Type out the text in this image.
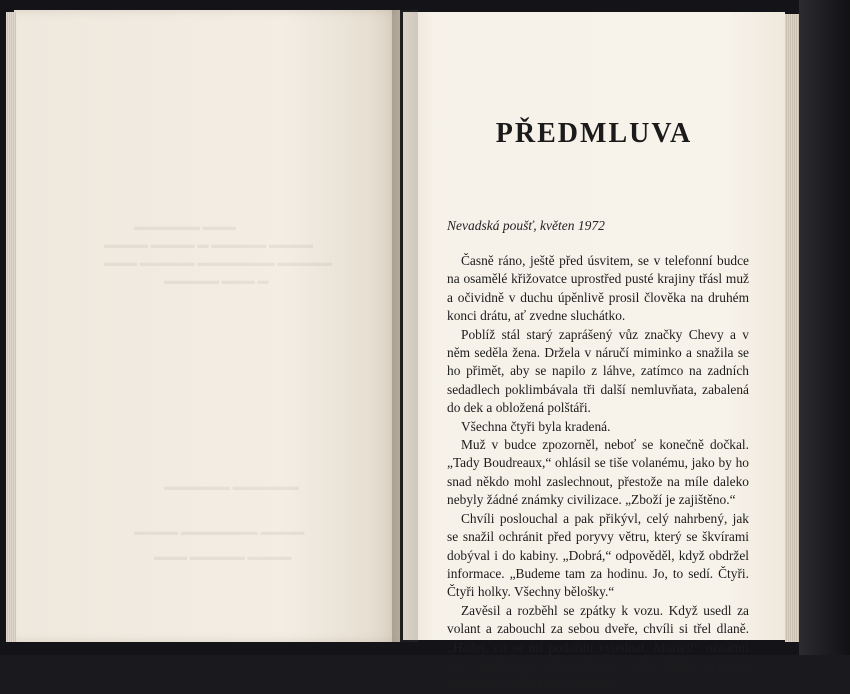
▬▬▬ ▬▬▬▬▬▬
▬▬▬▬ ▬▬▬▬▬ ▬ ▬▬▬▬ ▬▬▬▬
▬▬▬▬▬ ▬▬▬▬▬▬▬ ▬▬▬▬▬ ▬▬▬
▬ ▬▬▬ ▬▬▬▬▬
▬▬▬▬▬▬ ▬▬▬▬▬▬
▬▬▬▬ ▬▬▬▬▬▬▬ ▬▬▬▬
▬▬▬▬ ▬▬▬▬▬ ▬▬▬
PŘEDMLUVA

Nevadská poušť, květen 1972

Časně ráno, ještě před úsvitem, se v telefonní budce na osamělé křižovatce uprostřed pusté krajiny třásl muž a očividně v duchu úpěnlivě prosil člověka na druhém konci drátu, ať zvedne sluchátko.

Poblíž stál starý zaprášený vůz značky Chevy a v něm seděla žena. Držela v náručí miminko a snažila se ho přimět, aby se napilo z láhve, zatímco na zadních sedadlech poklimbávala tři další nemluvňata, zabalená do dek a obložená polštáři.

Všechna čtyři byla kradená.

Muž v budce zpozorněl, neboť se konečně dočkal. „Tady Boudreaux,“ ohlásil se tiše volanému, jako by ho snad někdo mohl zaslechnout, přestože na míle daleko nebyly žádné známky civilizace. „Zboží je zajištěno.“

Chvíli poslouchal a pak přikývl, celý nahrbený, jak se snažil ochránit před poryvy větru, který se škvírami dobýval i do kabiny. „Dobrá,“ odpověděl, když obdržel informace. „Budeme tam za hodinu. Jo, to sedí. Čtyři. Čtyři holky. Všechny bělošky.“

Zavěsil a rozběhl se zpátky k vozu. Když usedl za volant a zabouchl za sebou dveře, chvíli si třel dlaně. „Hádej, co se mi podařilo vyjednat, Muriel!“ oznámil své společnici vítězoslavně. „Za každé mimino dostaneme dalších tisíc dolarů!“
